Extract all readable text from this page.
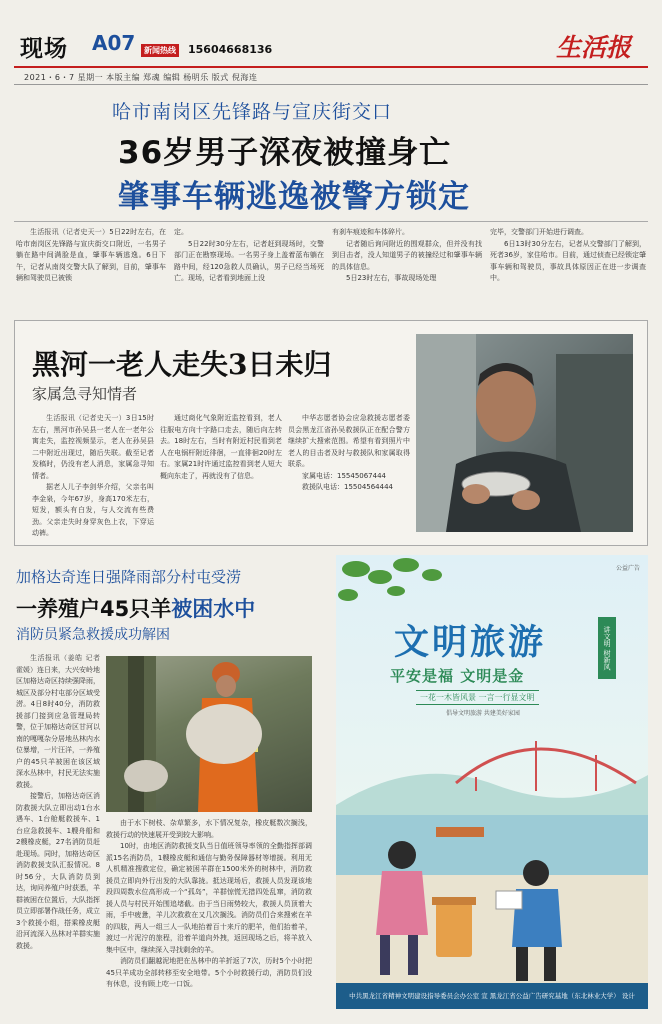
现场 A07	新闻热线 15604668136	生活报
2021・6・7 星期一 本版主编 郑魂 编辑 杨明乐 版式 倪海连
哈市南岗区先锋路与宣庆街交口
36岁男子深夜被撞身亡
肇事车辆逃逸被警方锁定

生活报讯（记者史天一）5日22时左右，在哈市南岗区先锋路与宣庆街交口附近，一名男子躺在路中间满脸是血，肇事车辆逃逸。6日下午，记者从南岗交警大队了解到，目前，肇事车辆和驾驶员已被锁

定。

5日22时30分左右，记者赶到现场时，交警部门正在勘察现场。一名男子身上盖着蓝布躺在路中间，经120急救人员确认，男子已经当场死亡。现场，记者看到地面上没

有刹车痕迹和车体碎片。

记者随后询问附近的围观群众，但并没有找到目击者，没人知道男子的被撞经过和肇事车辆的具体信息。

5日23时左右，事故现场处理

完毕，交警部门开始进行调查。

6日13时30分左右，记者从交警部门了解到，死者36岁，家住哈市。目前，通过侦查已经锁定肇事车辆和驾驶员，事故具体原因正在进一步调查中。

黑河一老人走失3日未归
家属急寻知情者

生活报讯（记者史天一）3日15时左右，黑河市孙吴县一老人在一老年公寓走失，监控视频显示，老人在孙吴县二中附近出现过，随后失联。截至记者发稿时，仍没有老人消息，家属急寻知情者。

据老人儿子李剑华介绍，父亲名叫李金泉，今年67岁，身高170米左右，短发，额头有白发，与人交流有些费劲。父亲走失时身穿灰色上衣，下穿运动裤。

通过商化气象附近监控看到，老人往服电方向十字路口走去，随后向左转去。18时左右，当时有附近村民看到老人在电锅杆附近徘徊，一直徘徊20时左右。家属21时许通过监控看到老人短大概向东走了，再就没有了信息。

中华志愿者协会应急救援志愿者委员会黑龙江省孙吴救援队正在配合警方继续扩大搜索范围。希望有看到照片中老人的目击者及时与救援队和家属取得联系。

家属电话：15545067444

救援队电话：15504564444

加格达奇连日强降雨部分村屯受涝
一养殖户45只羊被困水中
消防员紧急救援成功解困

生活报讯（姜皓 记者霍媛）连日来，大兴安岭地区加格达奇区持续强降雨，城区及部分村屯部分区域受涝。4日8时40分，消防救援部门接到应急管理局转警，位于加格达奇区甘河以南的嘎嘎杂分居地丛林内水位暴增，一片汪洋，一养殖户的45只羊被困在该区域深水丛林中，村民无法实施救援。

接警后，加格达奇区消防救援大队立即出动1台水遇车、1台舱艇救援车、1台应急救援车、1艘舟船和2艘橡皮艇，27名消防员赶赴现场。同时，加格达奇区消防救援支队汇报情况。8时56分，大队消防员到达，询问养殖户时获悉，羊群被困在位置后，大队指挥员立即部署作战任务，成立3个救援小组，搭乘橡皮艇沿河流深入丛林对羊群实施救援。

由于水下树枝、杂草繁多，水下情况复杂，橡皮艇数次搁浅，救援行动的快速展开受到较大影响。

10时，由地区消防救援支队当日值班领导率领的全勤指挥部调派15名消防员，1艘橡皮艇和通信与勤务保障器材等增援。利用无人机精准搜救定位，确定被困羊群在1500米外的树林中，消防救援员立即向外行出发的大队靠拢。抵达现场后，救援人员发现该地段四周数水位高形成一个“孤岛”，羊群惊慌无措四处乱窜，消防救援人员与村民开始围追堵截。由于当日雨势较大，救援人员顶着大雨，手中疲惫，羊儿次救救在又几次搁浅。消防员们合来搜索在羊的四肢，两人一组三人一队地抬着百十来斤的肥羊，他们抬着羊，渡过一片泥泞的旅程，沿着羊道向外拽，返回现场之后，将羊放入集中区中，继续深入寻找剩余的羊。

消防员们翻越泥地把在丛林中的羊折返了7次，历时5个小时把45只羊成功全部转移至安全地带。5个小时救援行动，消防员们没有休息，没有顾上吃一口饭。

公益广告
文明旅游	讲文明 树新风
平安是福 文明是金
一花一木皆风景 一言一行显文明
倡导文明旅游 共建美好家园
中共黑龙江省精神文明建设指导委员会办公室 宣 黑龙江省公益广告研究基地（东北林业大学） 设计
